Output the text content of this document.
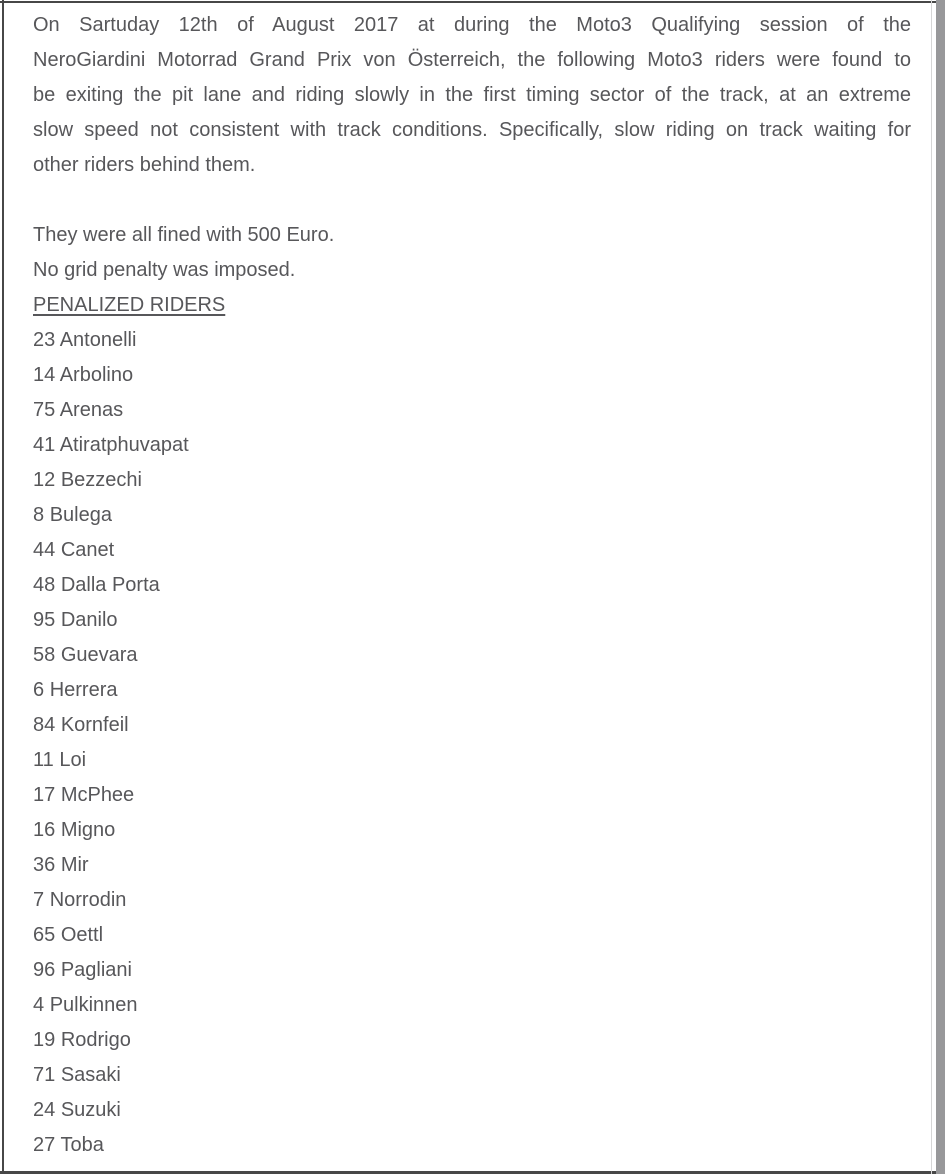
On Sartuday 12th of August 2017 at during the Moto3 Qualifying session of the
NeroGiardini Motorrad Grand Prix von Österreich, the following Moto3 riders were found to
be exiting the pit lane and riding slowly in the first timing sector of the track, at an extreme
slow speed not consistent with track conditions. Specifically, slow riding on track waiting for
other riders behind them.
They were all fined with 500 Euro.
No grid penalty was imposed.
PENALIZED RIDERS
23 Antonelli
14 Arbolino
75 Arenas
41 Atiratphuvapat
12 Bezzechi
8 Bulega
44 Canet
48 Dalla Porta
95 Danilo
58 Guevara
6 Herrera
84 Kornfeil
11 Loi
17 McPhee
16 Migno
36 Mir
7 Norrodin
65 Oettl
96 Pagliani
4 Pulkinnen
19 Rodrigo
71 Sasaki
24 Suzuki
27 Toba
